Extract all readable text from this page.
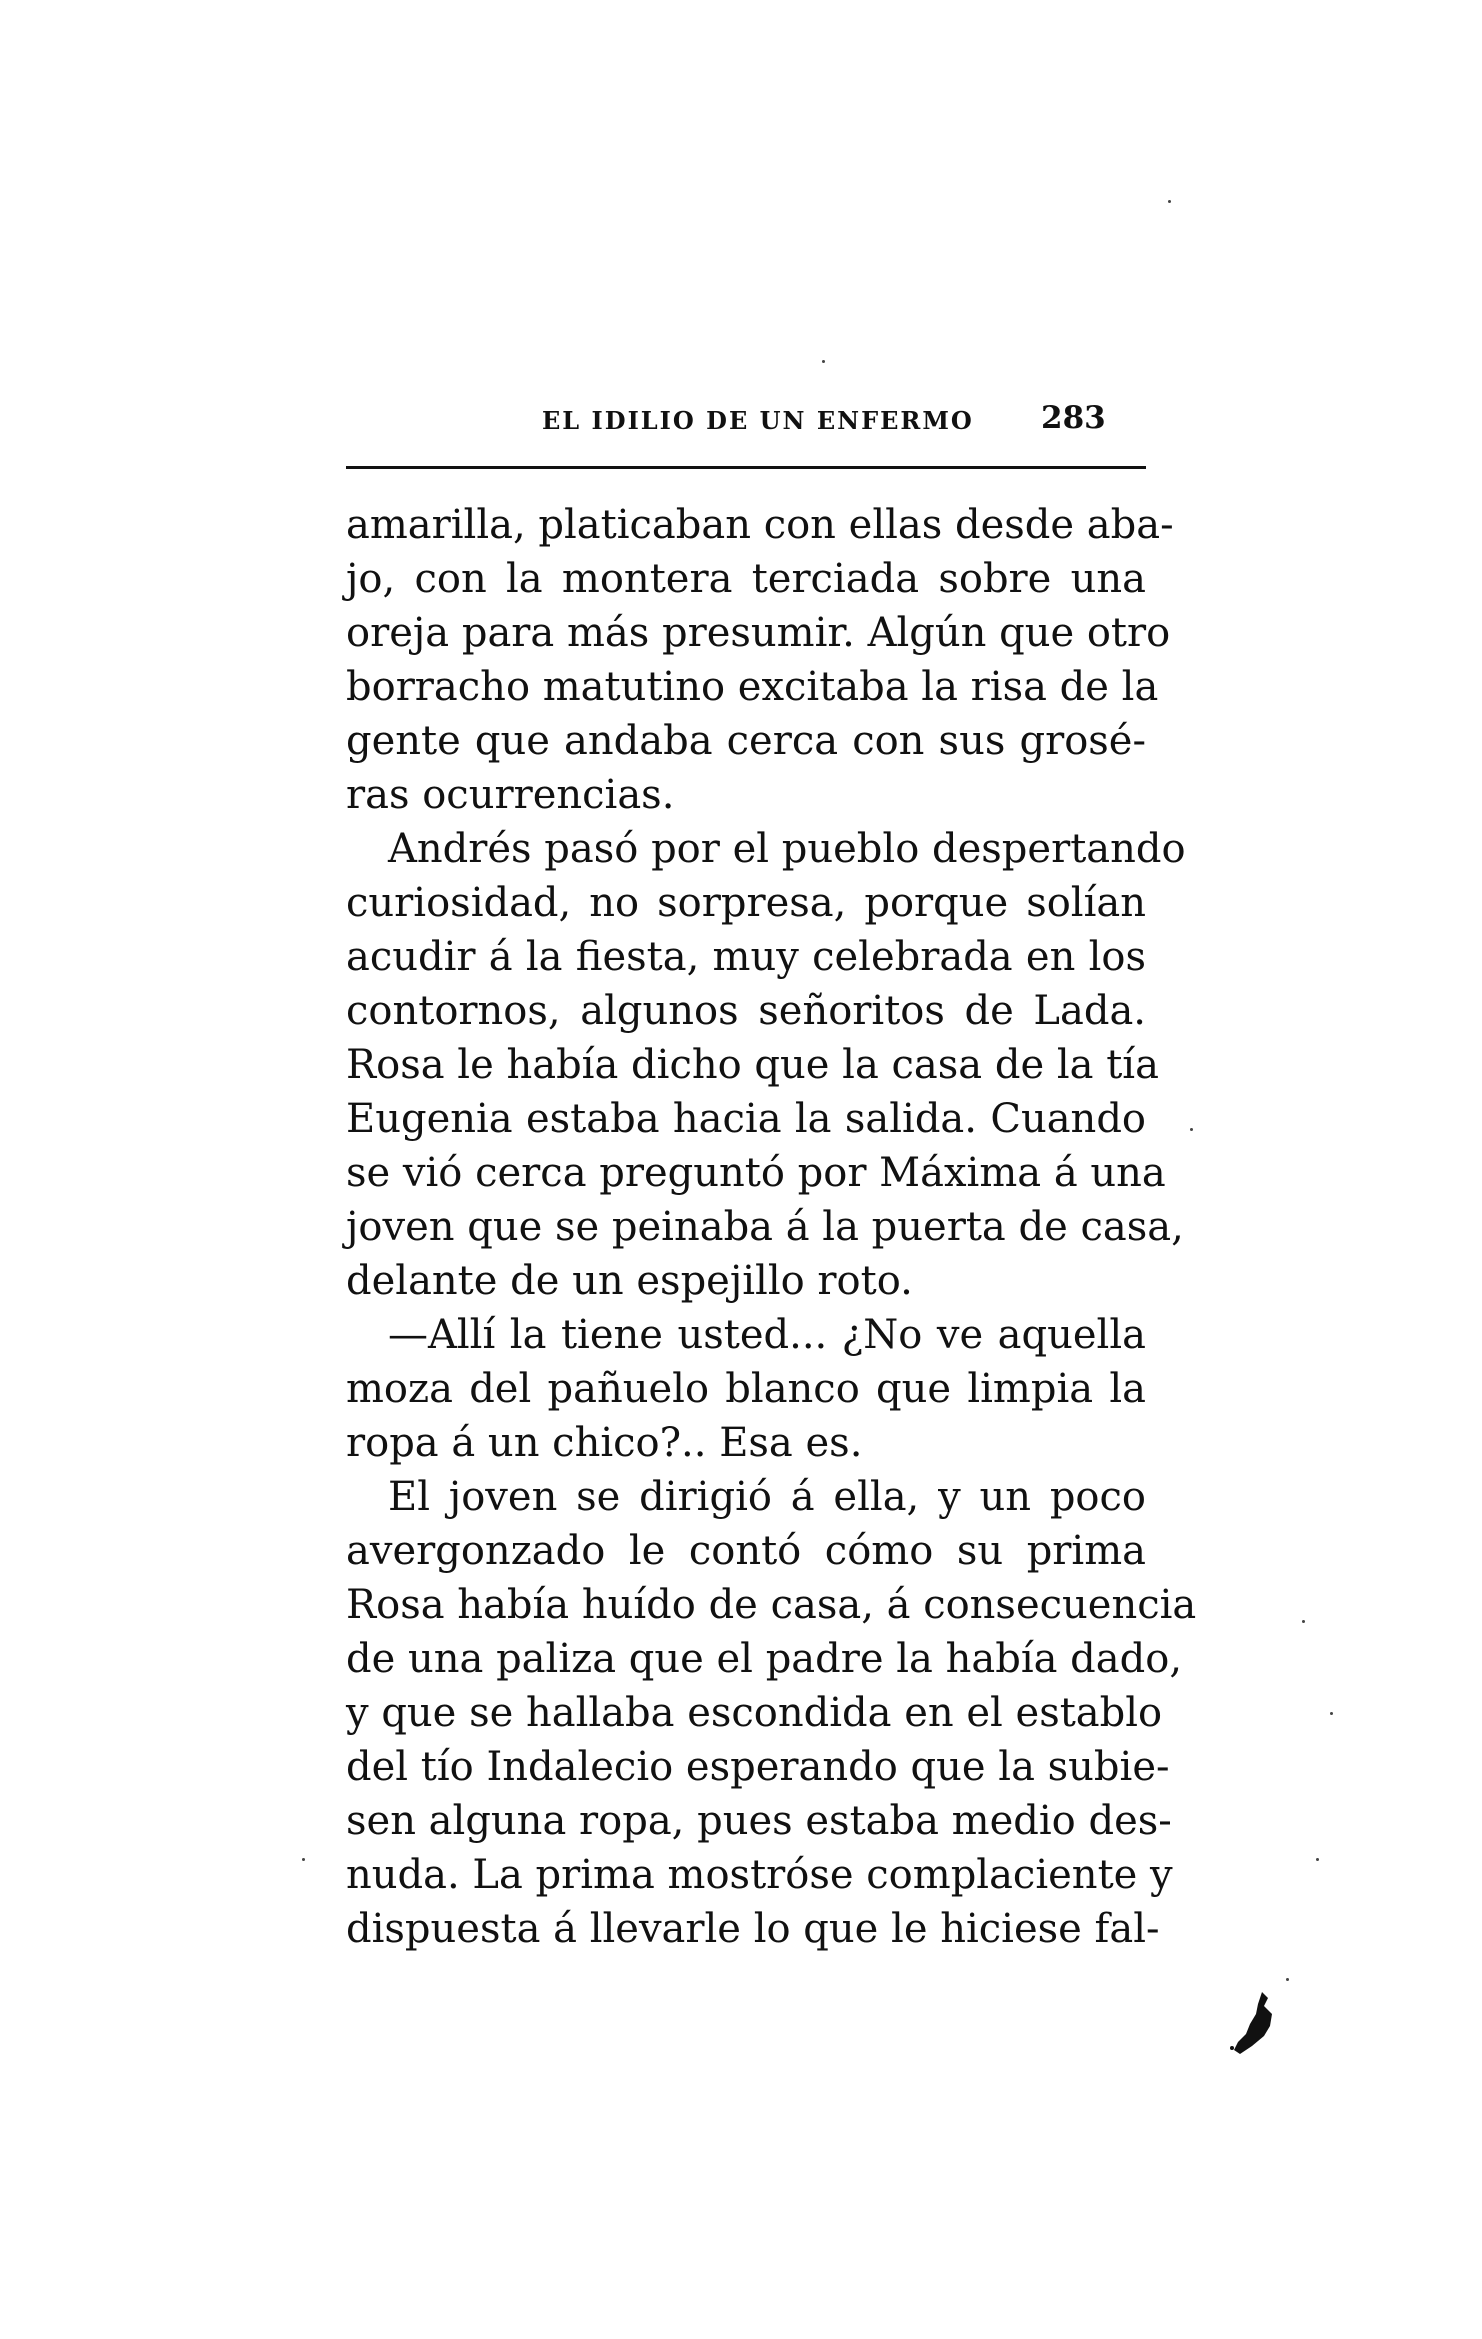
EL IDILIO DE UN ENFERMO 283
amarilla, platicaban con ellas desde aba-
jo, con la montera terciada sobre una
oreja para más presumir. Algún que otro
borracho matutino excitaba la risa de la
gente que andaba cerca con sus grosé-
ras ocurrencias.
Andrés pasó por el pueblo despertando
curiosidad, no sorpresa, porque solían
acudir á la fiesta, muy celebrada en los
contornos, algunos señoritos de Lada.
Rosa le había dicho que la casa de la tía
Eugenia estaba hacia la salida. Cuando
se vió cerca preguntó por Máxima á una
joven que se peinaba á la puerta de casa,
delante de un espejillo roto.
—Allí la tiene usted... ¿No ve aquella
moza del pañuelo blanco que limpia la
ropa á un chico?.. Esa es.
El joven se dirigió á ella, y un poco
avergonzado le contó cómo su prima
Rosa había huído de casa, á consecuencia
de una paliza que el padre la había dado,
y que se hallaba escondida en el establo
del tío Indalecio esperando que la subie-
sen alguna ropa, pues estaba medio des-
nuda. La prima mostróse complaciente y
dispuesta á llevarle lo que le hiciese fal-
